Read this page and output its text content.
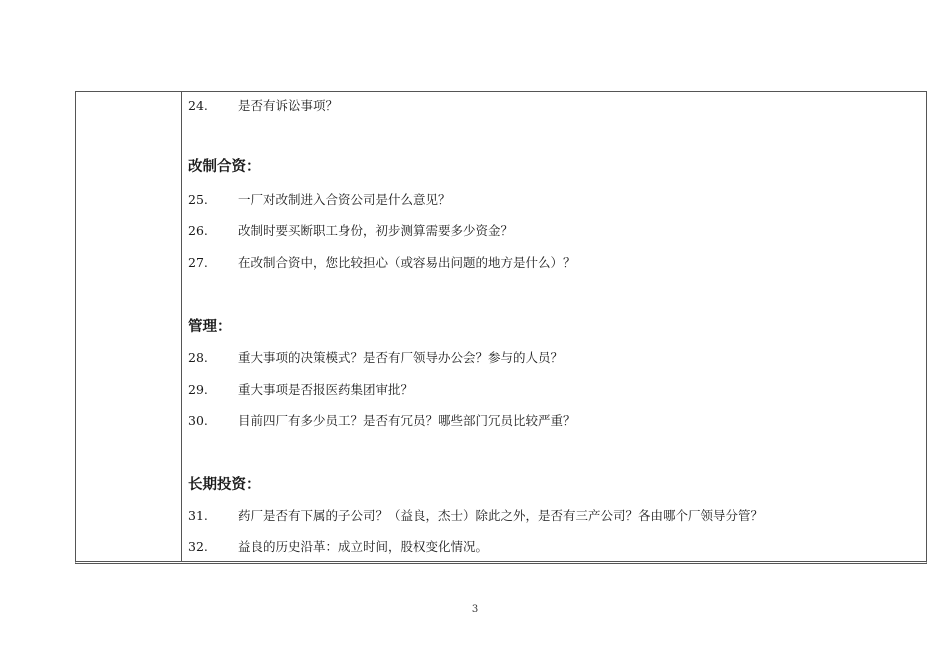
24. 是否有诉讼事项？
改制合资：
25. 一厂对改制进入合资公司是什么意见？
26. 改制时要买断职工身份，初步测算需要多少资金？
27. 在改制合资中，您比较担心（或容易出问题的地方是什么）？
管理：
28. 重大事项的决策模式？是否有厂领导办公会？参与的人员？
29. 重大事项是否报医药集团审批？
30. 目前四厂有多少员工？是否有冗员？哪些部门冗员比较严重？
长期投资：
31. 药厂是否有下属的子公司？（益良，杰士）除此之外，是否有三产公司？各由哪个厂领导分管？
32. 益良的历史沿革：成立时间，股权变化情况。
3
